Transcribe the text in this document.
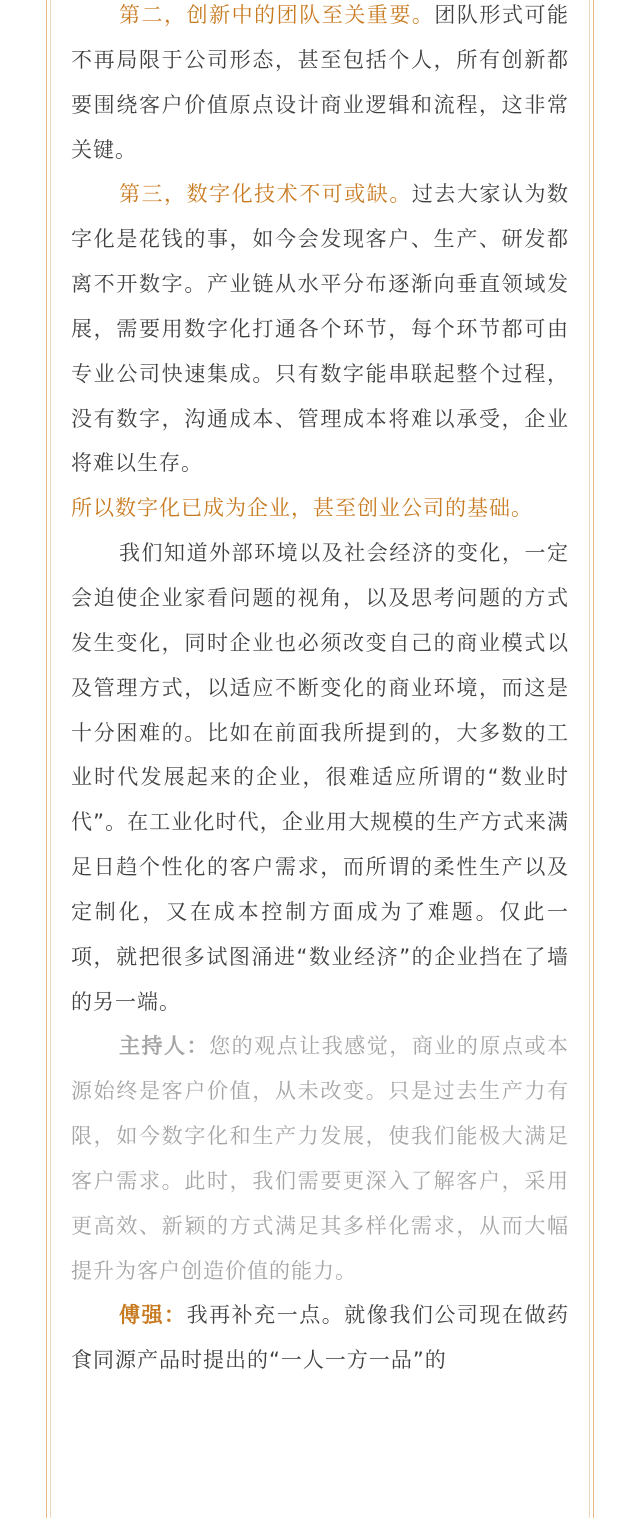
第二，创新中的团队至关重要。团队形式可能不再局限于公司形态，甚至包括个人，所有创新都要围绕客户价值原点设计商业逻辑和流程，这非常关键。

第三，数字化技术不可或缺。过去大家认为数字化是花钱的事，如今会发现客户、生产、研发都离不开数字。产业链从水平分布逐渐向垂直领域发展，需要用数字化打通各个环节，每个环节都可由专业公司快速集成。只有数字能串联起整个过程，没有数字，沟通成本、管理成本将难以承受，企业将难以生存。

所以数字化已成为企业，甚至创业公司的基础。

我们知道外部环境以及社会经济的变化，一定会迫使企业家看问题的视角，以及思考问题的方式发生变化，同时企业也必须改变自己的商业模式以及管理方式，以适应不断变化的商业环境，而这是十分困难的。比如在前面我所提到的，大多数的工业时代发展起来的企业，很难适应所谓的“数业时代”。在工业化时代，企业用大规模的生产方式来满足日趋个性化的客户需求，而所谓的柔性生产以及定制化，又在成本控制方面成为了难题。仅此一项，就把很多试图涌进“数业经济”的企业挡在了墙的另一端。

主持人：您的观点让我感觉，商业的原点或本源始终是客户价值，从未改变。只是过去生产力有限，如今数字化和生产力发展，使我们能极大满足客户需求。此时，我们需要更深入了解客户，采用更高效、新颖的方式满足其多样化需求，从而大幅提升为客户创造价值的能力。

傅强：我再补充一点。就像我们公司现在做药食同源产品时提出的“一人一方一品”的
